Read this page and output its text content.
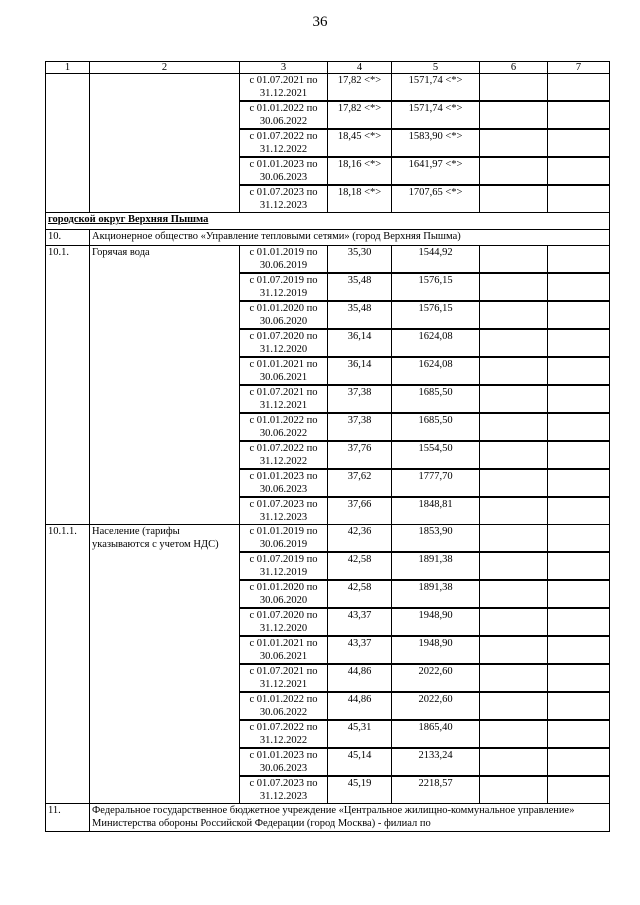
36
1	2	3	4	5	6	7
		с 01.07.2021 по 31.12.2021	17,82 <*>	1571,74 <*>		
		с 01.01.2022 по 30.06.2022	17,82 <*>	1571,74 <*>		
		с 01.07.2022 по 31.12.2022	18,45 <*>	1583,90 <*>		
		с 01.01.2023 по 30.06.2023	18,16 <*>	1641,97 <*>		
		с 01.07.2023 по 31.12.2023	18,18 <*>	1707,65 <*>		
городской округ Верхняя Пышма						
10.	Акционерное общество «Управление тепловыми сетями» (город Верхняя Пышма)					
10.1.	Горячая вода	с 01.01.2019 по 30.06.2019	35,30	1544,92		
		с 01.07.2019 по 31.12.2019	35,48	1576,15		
		с 01.01.2020 по 30.06.2020	35,48	1576,15		
		с 01.07.2020 по 31.12.2020	36,14	1624,08		
		с 01.01.2021 по 30.06.2021	36,14	1624,08		
		с 01.07.2021 по 31.12.2021	37,38	1685,50		
		с 01.01.2022 по 30.06.2022	37,38	1685,50		
		с 01.07.2022 по 31.12.2022	37,76	1554,50		
		с 01.01.2023 по 30.06.2023	37,62	1777,70		
		с 01.07.2023 по 31.12.2023	37,66	1848,81		
10.1.1.	Население (тарифы указываются с учетом НДС)	с 01.01.2019 по 30.06.2019	42,36	1853,90		
		с 01.07.2019 по 31.12.2019	42,58	1891,38		
		с 01.01.2020 по 30.06.2020	42,58	1891,38		
		с 01.07.2020 по 31.12.2020	43,37	1948,90		
		с 01.01.2021 по 30.06.2021	43,37	1948,90		
		с 01.07.2021 по 31.12.2021	44,86	2022,60		
		с 01.01.2022 по 30.06.2022	44,86	2022,60		
		с 01.07.2022 по 31.12.2022	45,31	1865,40		
		с 01.01.2023 по 30.06.2023	45,14	2133,24		
		с 01.07.2023 по 31.12.2023	45,19	2218,57		
11.	Федеральное государственное бюджетное учреждение «Центральное жилищно-коммунальное управление» Министерства обороны Российской Федерации (город Москва) - филиал по					
